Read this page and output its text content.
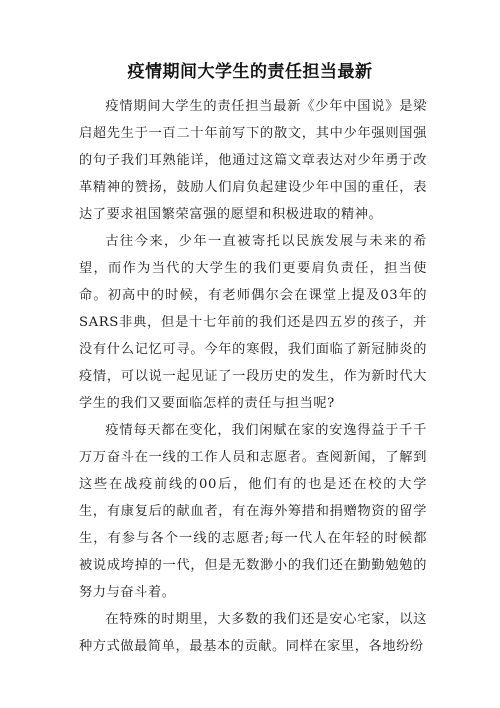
疫情期间大学生的责任担当最新

疫情期间大学生的责任担当最新《少年中国说》是梁启超先生于一百二十年前写下的散文，其中少年强则国强的句子我们耳熟能详，他通过这篇文章表达对少年勇于改革精神的赞扬，鼓励人们肩负起建设少年中国的重任，表达了要求祖国繁荣富强的愿望和积极进取的精神。

古往今来，少年一直被寄托以民族发展与未来的希望，而作为当代的大学生的我们更要肩负责任，担当使命。初高中的时候，有老师偶尔会在课堂上提及03年的SARS非典，但是十七年前的我们还是四五岁的孩子，并没有什么记忆可寻。今年的寒假，我们面临了新冠肺炎的疫情，可以说一起见证了一段历史的发生，作为新时代大学生的我们又要面临怎样的责任与担当呢?

疫情每天都在变化，我们闲赋在家的安逸得益于千千万万奋斗在一线的工作人员和志愿者。查阅新闻，了解到这些在战疫前线的00后，他们有的也是还在校的大学生，有康复后的献血者，有在海外筹措和捐赠物资的留学生，有参与各个一线的志愿者;每一代人在年轻的时候都被说成垮掉的一代，但是无数渺小的我们还在勤勤勉勉的努力与奋斗着。

在特殊的时期里，大多数的我们还是安心宅家，以这种方式做最简单，最基本的贡献。同样在家里，各地纷纷
